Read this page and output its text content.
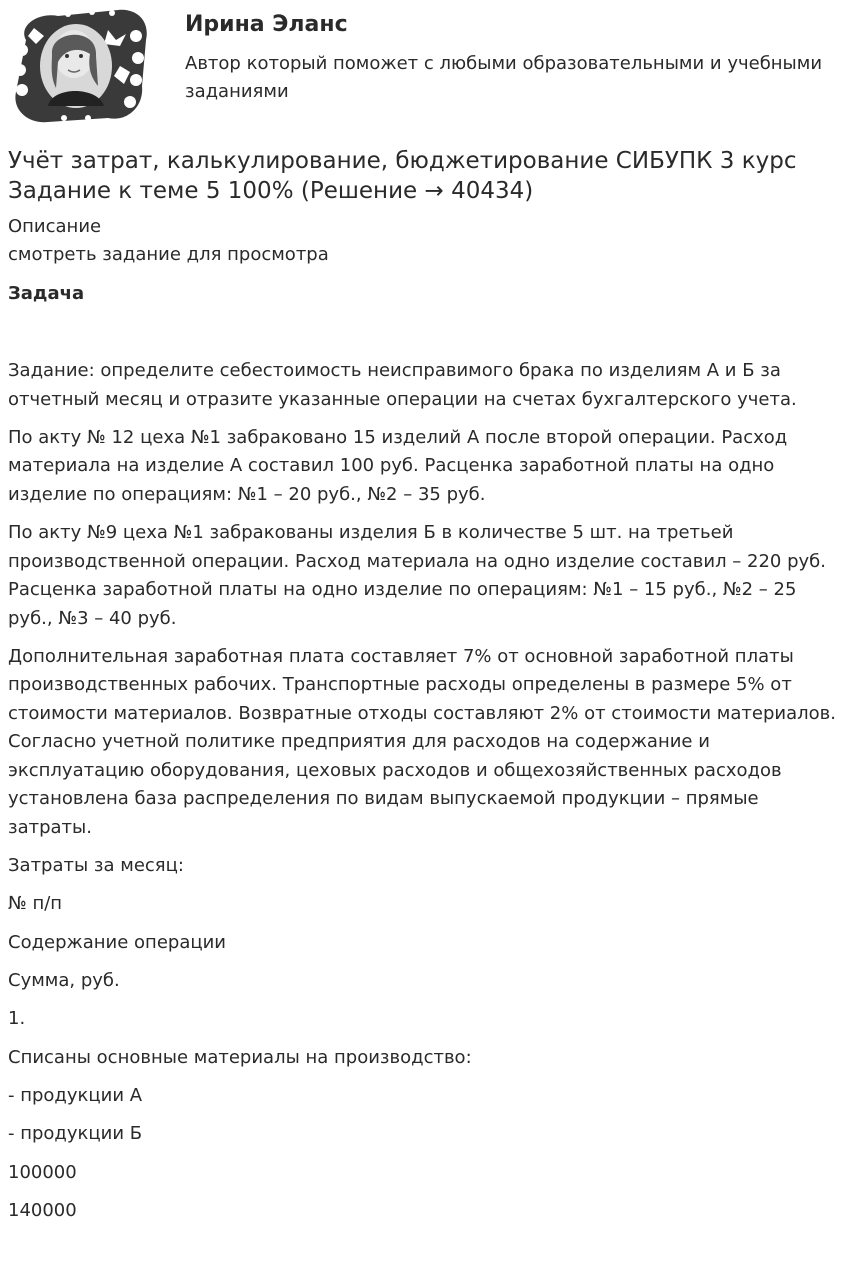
Ирина Эланс

Автор который поможет с любыми образовательными и учебными заданиями

Учёт затрат, калькулирование, бюджетирование СИБУПК 3 курс
Задание к теме 5 100% (Решение → 40434)

Описание

смотреть задание для просмотра

Задача

Задание: определите себестоимость неисправимого брака по изделиям А и Б за отчетный месяц и отразите указанные операции на счетах бухгалтерского учета.

По акту № 12 цеха №1 забраковано 15 изделий А после второй операции. Расход материала на изделие А составил 100 руб. Расценка заработной платы на одно изделие по операциям: №1 – 20 руб., №2 – 35 руб.

По акту №9 цеха №1 забракованы изделия Б в количестве 5 шт. на третьей производственной операции. Расход материала на одно изделие составил – 220 руб. Расценка заработной платы на одно изделие по операциям: №1 – 15 руб., №2 – 25 руб., №3 – 40 руб.

Дополнительная заработная плата составляет 7% от основной заработной платы производственных рабочих. Транспортные расходы определены в размере 5% от стоимости материалов. Возвратные отходы составляют 2% от стоимости материалов. Согласно учетной политике предприятия для расходов на содержание и эксплуатацию оборудования, цеховых расходов и общехозяйственных расходов установлена база распределения по видам выпускаемой продукции – прямые затраты.

Затраты за месяц:

№ п/п

Содержание операции

Сумма, руб.

1.

Списаны основные материалы на производство:

- продукции А

- продукции Б

100000

140000
